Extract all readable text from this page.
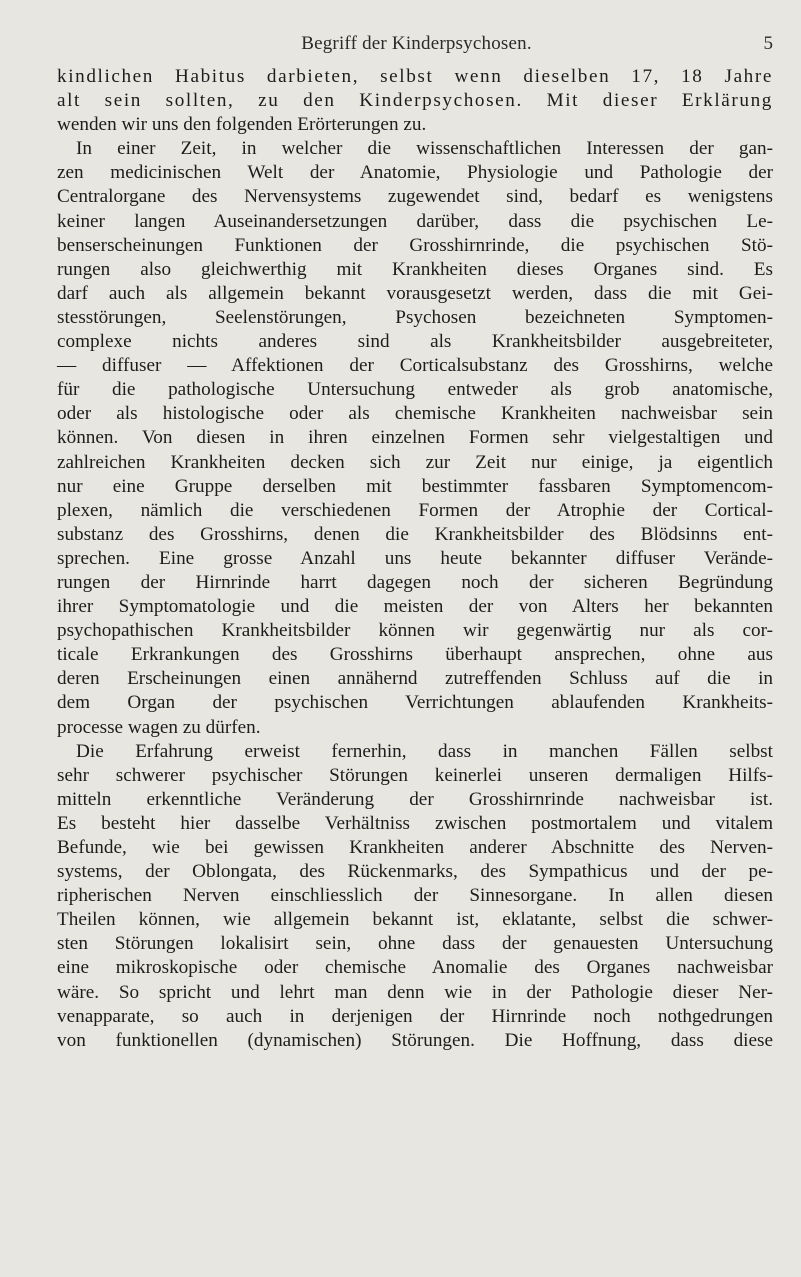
Begriff der Kinderpsychosen.	5
kindlichen Habitus darbieten, selbst wenn dieselben 17, 18 Jahre
alt sein sollten, zu den Kinderpsychosen. Mit dieser Erklärung
wenden wir uns den folgenden Erörterungen zu.
In einer Zeit, in welcher die wissenschaftlichen Interessen der gan-
zen medicinischen Welt der Anatomie, Physiologie und Pathologie der
Centralorgane des Nervensystems zugewendet sind, bedarf es wenigstens
keiner langen Auseinandersetzungen darüber, dass die psychischen Le-
benserscheinungen Funktionen der Grosshirnrinde, die psychischen Stö-
rungen also gleichwerthig mit Krankheiten dieses Organes sind. Es
darf auch als allgemein bekannt vorausgesetzt werden, dass die mit Gei-
stesstörungen, Seelenstörungen, Psychosen bezeichneten Symptomen-
complexe nichts anderes sind als Krankheitsbilder ausgebreiteter,
— diffuser — Affektionen der Corticalsubstanz des Grosshirns, welche
für die pathologische Untersuchung entweder als grob anatomische,
oder als histologische oder als chemische Krankheiten nachweisbar sein
können. Von diesen in ihren einzelnen Formen sehr vielgestaltigen und
zahlreichen Krankheiten decken sich zur Zeit nur einige, ja eigentlich
nur eine Gruppe derselben mit bestimmter fassbaren Symptomencom-
plexen, nämlich die verschiedenen Formen der Atrophie der Cortical-
substanz des Grosshirns, denen die Krankheitsbilder des Blödsinns ent-
sprechen. Eine grosse Anzahl uns heute bekannter diffuser Verände-
rungen der Hirnrinde harrt dagegen noch der sicheren Begründung
ihrer Symptomatologie und die meisten der von Alters her bekannten
psychopathischen Krankheitsbilder können wir gegenwärtig nur als cor-
ticale Erkrankungen des Grosshirns überhaupt ansprechen, ohne aus
deren Erscheinungen einen annähernd zutreffenden Schluss auf die in
dem Organ der psychischen Verrichtungen ablaufenden Krankheits-
processe wagen zu dürfen.
Die Erfahrung erweist fernerhin, dass in manchen Fällen selbst
sehr schwerer psychischer Störungen keinerlei unseren dermaligen Hilfs-
mitteln erkenntliche Veränderung der Grosshirnrinde nachweisbar ist.
Es besteht hier dasselbe Verhältniss zwischen postmortalem und vitalem
Befunde, wie bei gewissen Krankheiten anderer Abschnitte des Nerven-
systems, der Oblongata, des Rückenmarks, des Sympathicus und der pe-
ripherischen Nerven einschliesslich der Sinnesorgane. In allen diesen
Theilen können, wie allgemein bekannt ist, eklatante, selbst die schwer-
sten Störungen lokalisirt sein, ohne dass der genauesten Untersuchung
eine mikroskopische oder chemische Anomalie des Organes nachweisbar
wäre. So spricht und lehrt man denn wie in der Pathologie dieser Ner-
venapparate, so auch in derjenigen der Hirnrinde noch nothgedrungen
von funktionellen (dynamischen) Störungen. Die Hoffnung, dass diese
